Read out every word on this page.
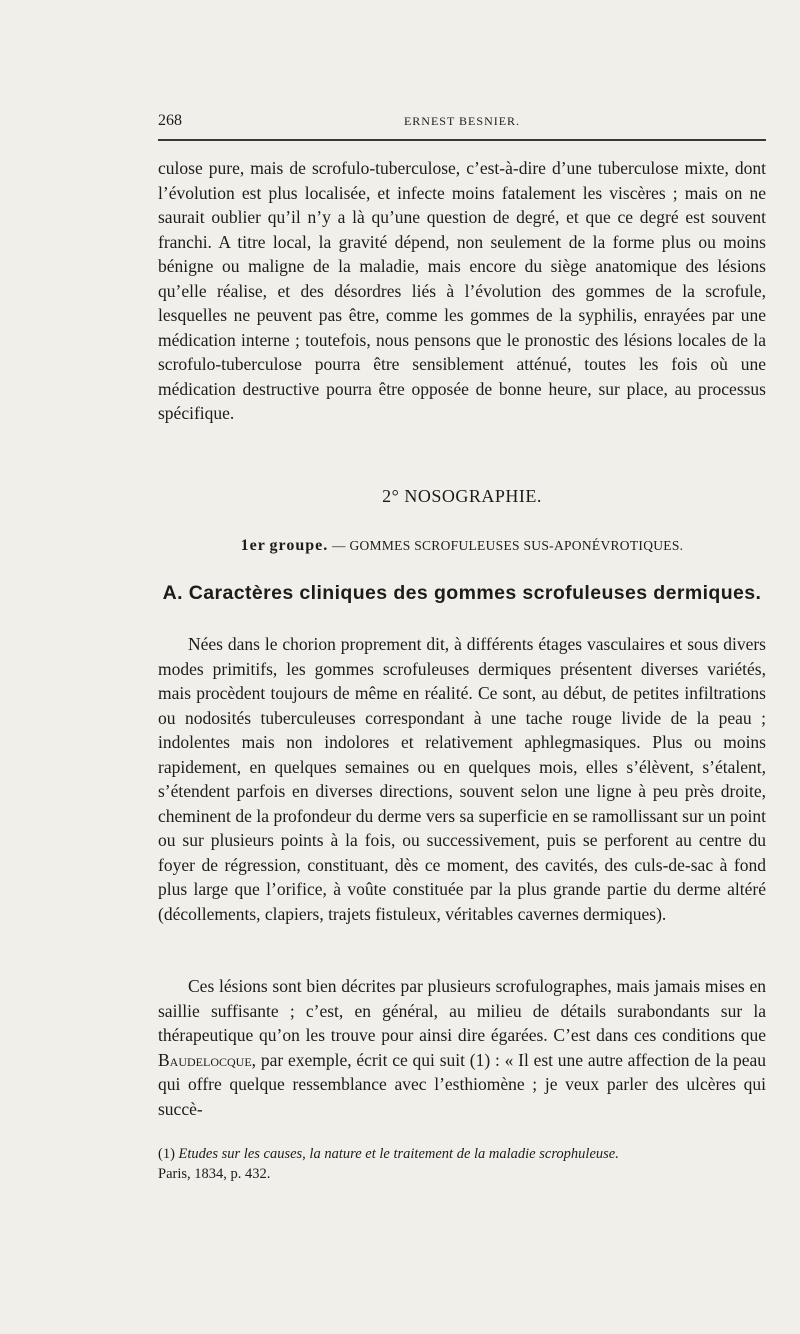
268	ERNEST BESNIER.

culose pure, mais de scrofulo-tuberculose, c’est-à-dire d’une tuberculose mixte, dont l’évolution est plus localisée, et infecte moins fatalement les viscères ; mais on ne saurait oublier qu’il n’y a là qu’une question de degré, et que ce degré est souvent franchi. A titre local, la gravité dépend, non seulement de la forme plus ou moins bénigne ou maligne de la maladie, mais encore du siège anatomique des lésions qu’elle réalise, et des désordres liés à l’évolution des gommes de la scrofule, lesquelles ne peuvent pas être, comme les gommes de la syphilis, enrayées par une médication interne ; toutefois, nous pensons que le pronostic des lésions locales de la scrofulo-tuberculose pourra être sensiblement atténué, toutes les fois où une médication destructive pourra être opposée de bonne heure, sur place, au processus spécifique.

2° NOSOGRAPHIE.
1er groupe. — GOMMES SCROFULEUSES SUS-APONÉVROTIQUES.
A. Caractères cliniques des gommes scrofuleuses dermiques.

Nées dans le chorion proprement dit, à différents étages vasculaires et sous divers modes primitifs, les gommes scrofuleuses dermiques présentent diverses variétés, mais procèdent toujours de même en réalité. Ce sont, au début, de petites infiltrations ou nodosités tuberculeuses correspondant à une tache rouge livide de la peau ; indolentes mais non indolores et relativement aphlegmasiques. Plus ou moins rapidement, en quelques semaines ou en quelques mois, elles s’élèvent, s’étalent, s’étendent parfois en diverses directions, souvent selon une ligne à peu près droite, cheminent de la profondeur du derme vers sa superficie en se ramollissant sur un point ou sur plusieurs points à la fois, ou successivement, puis se perforent au centre du foyer de régression, constituant, dès ce moment, des cavités, des culs-de-sac à fond plus large que l’orifice, à voûte constituée par la plus grande partie du derme altéré (décollements, clapiers, trajets fistuleux, véritables cavernes dermiques).

Ces lésions sont bien décrites par plusieurs scrofulographes, mais jamais mises en saillie suffisante ; c’est, en général, au milieu de détails surabondants sur la thérapeutique qu’on les trouve pour ainsi dire égarées. C’est dans ces conditions que Baudelocque, par exemple, écrit ce qui suit (1) : « Il est une autre affection de la peau qui offre quelque ressemblance avec l’esthiomène ; je veux parler des ulcères qui succè-

(1) Etudes sur les causes, la nature et le traitement de la maladie scrophuleuse.
Paris, 1834, p. 432.
